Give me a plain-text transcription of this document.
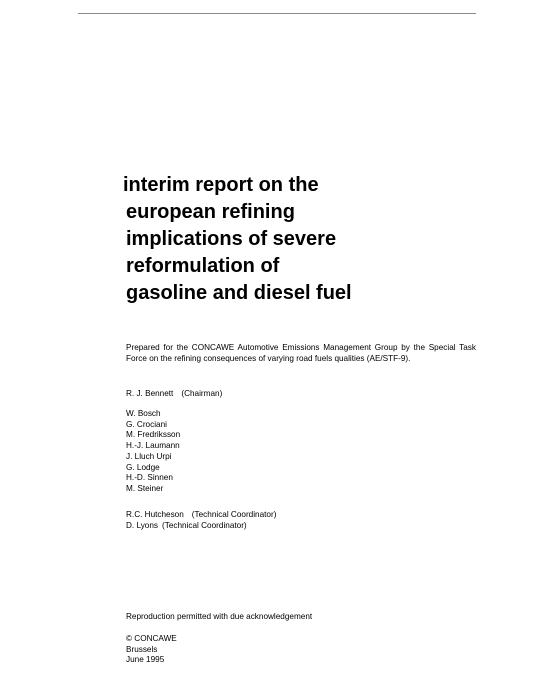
interim report on the
european refining
implications of severe
reformulation of
gasoline and diesel fuel
Prepared for the CONCAWE Automotive Emissions Management Group by the Special Task Force on the refining consequences of varying road fuels qualities (AE/STF-9).
R. J. Bennett (Chairman)
W. Bosch
G. Crociani
M. Fredriksson
H.-J. Laumann
J. Lluch Urpi
G. Lodge
H.-D. Sinnen
M. Steiner
R.C. Hutcheson (Technical Coordinator)
D. Lyons (Technical Coordinator)
Reproduction permitted with due acknowledgement
© CONCAWE
Brussels
June 1995
